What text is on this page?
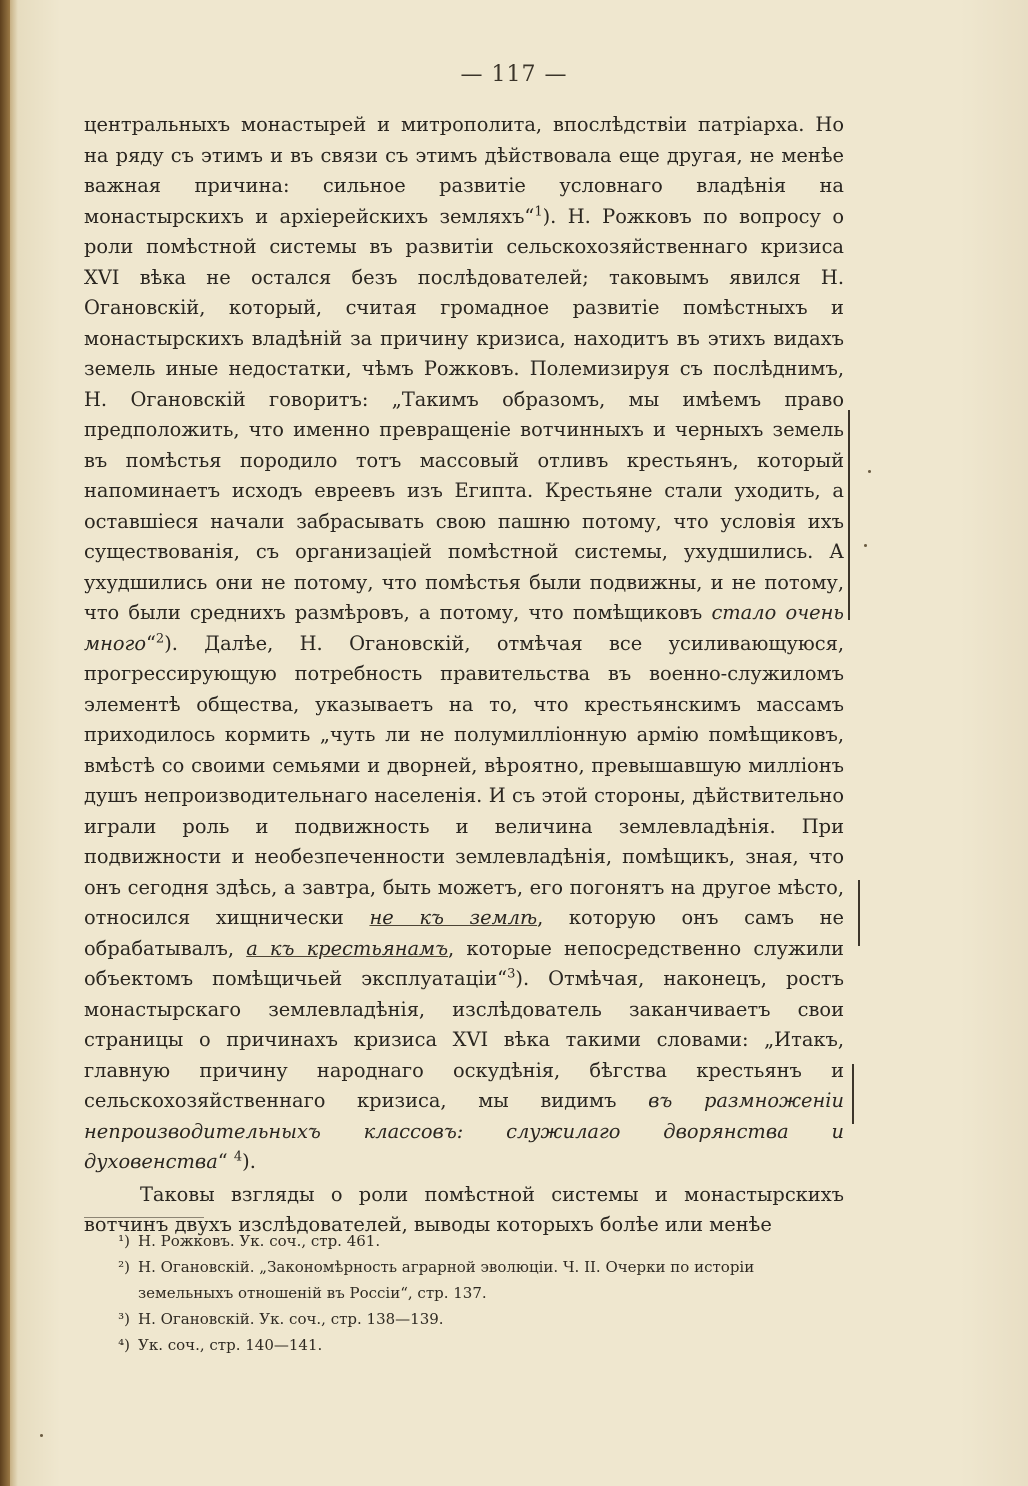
— 117 —

центральныхъ монастырей и митрополита, впослѣдствіи патріарха. Но на ряду съ этимъ и въ связи съ этимъ дѣйствовала еще другая, не менѣе важная причина: сильное развитіе условнаго владѣнія на монастырскихъ и архіерейскихъ земляхъ“$^1$). Н. Рожковъ по вопросу о роли помѣстной системы въ развитіи сельскохозяйственнаго кризиса XVI вѣка не остался безъ послѣдователей; таковымъ явился Н. Огановскій, который, считая громадное развитіе помѣстныхъ и монастырскихъ владѣній за причину кризиса, находитъ въ этихъ видахъ земель иные недостатки, чѣмъ Рожковъ. Полемизируя съ послѣднимъ, Н. Огановскій говоритъ: „Такимъ образомъ, мы имѣемъ право предположить, что именно превращеніе вотчинныхъ и черныхъ земель въ помѣстья породило тотъ массовый отливъ крестьянъ, который напоминаетъ исходъ евреевъ изъ Египта. Крестьяне стали уходить, а оставшіеся начали забрасывать свою пашню потому, что условія ихъ существованія, съ организаціей помѣстной системы, ухудшились. А ухудшились они не потому, что помѣстья были подвижны, и не потому, что были среднихъ размѣровъ, а потому, что помѣщиковъ стало очень много“$^2$). Далѣе, Н. Огановскій, отмѣчая все усиливающуюся, прогрессирующую потребность правительства въ военно-служиломъ элементѣ общества, указываетъ на то, что крестьянскимъ массамъ приходилось кормить „чуть ли не полумилліонную армію помѣщиковъ, вмѣстѣ со своими семьями и дворней, вѣроятно, превышавшую милліонъ душъ непроизводительнаго населенія. И съ этой стороны, дѣйствительно играли роль и подвижность и величина землевладѣнія. При подвижности и необезпеченности землевладѣнія, помѣщикъ, зная, что онъ сегодня здѣсь, а завтра, быть можетъ, его погонятъ на другое мѣсто, относился хищнически не къ землѣ, которую онъ самъ не обрабатывалъ, а къ крестьянамъ, которые непосредственно служили объектомъ помѣщичьей эксплуатаціи“$^3$). Отмѣчая, наконецъ, ростъ монастырскаго землевладѣнія, изслѣдователь заканчиваетъ свои страницы о причинахъ кризиса XVI вѣка такими словами: „Итакъ, главную причину народнаго оскудѣнія, бѣгства крестьянъ и сельскохозяйственнаго кризиса, мы видимъ въ размноженіи непроизводительныхъ классовъ: служилаго дворянства и духовенства“ $^4$).

Таковы взгляды о роли помѣстной системы и монастырскихъ вотчинъ двухъ изслѣдователей, выводы которыхъ болѣе или менѣе

¹) Н. Рожковъ. Ук. соч., стр. 461.
²) Н. Огановскій. „Закономѣрность аграрной эволюціи. Ч. II. Очерки по исторіи земельныхъ отношеній въ Россіи“, стр. 137.
³) Н. Огановскій. Ук. соч., стр. 138—139.
⁴) Ук. соч., стр. 140—141.
